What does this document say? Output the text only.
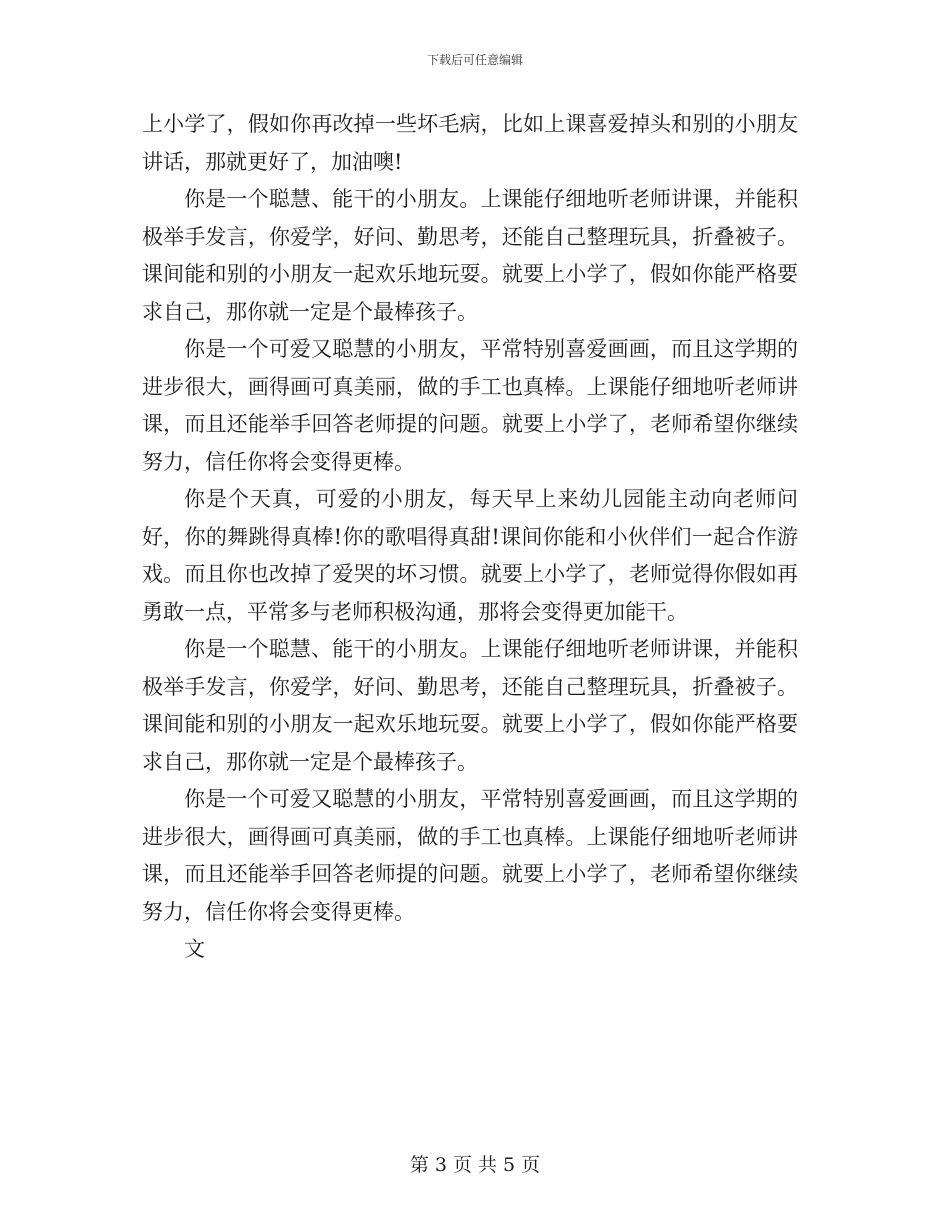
下载后可任意编辑

上小学了，假如你再改掉一些坏毛病，比如上课喜爱掉头和别的小朋友讲话，那就更好了，加油噢!

你是一个聪慧、能干的小朋友。上课能仔细地听老师讲课，并能积极举手发言，你爱学，好问、勤思考，还能自己整理玩具，折叠被子。课间能和别的小朋友一起欢乐地玩耍。就要上小学了，假如你能严格要求自己，那你就一定是个最棒孩子。

你是一个可爱又聪慧的小朋友，平常特别喜爱画画，而且这学期的进步很大，画得画可真美丽，做的手工也真棒。上课能仔细地听老师讲课，而且还能举手回答老师提的问题。就要上小学了，老师希望你继续努力，信任你将会变得更棒。

你是个天真，可爱的小朋友，每天早上来幼儿园能主动向老师问好，你的舞跳得真棒!你的歌唱得真甜!课间你能和小伙伴们一起合作游戏。而且你也改掉了爱哭的坏习惯。就要上小学了，老师觉得你假如再勇敢一点，平常多与老师积极沟通，那将会变得更加能干。

你是一个聪慧、能干的小朋友。上课能仔细地听老师讲课，并能积极举手发言，你爱学，好问、勤思考，还能自己整理玩具，折叠被子。课间能和别的小朋友一起欢乐地玩耍。就要上小学了，假如你能严格要求自己，那你就一定是个最棒孩子。

你是一个可爱又聪慧的小朋友，平常特别喜爱画画，而且这学期的进步很大，画得画可真美丽，做的手工也真棒。上课能仔细地听老师讲课，而且还能举手回答老师提的问题。就要上小学了，老师希望你继续努力，信任你将会变得更棒。

文

第 3 页 共 5 页
